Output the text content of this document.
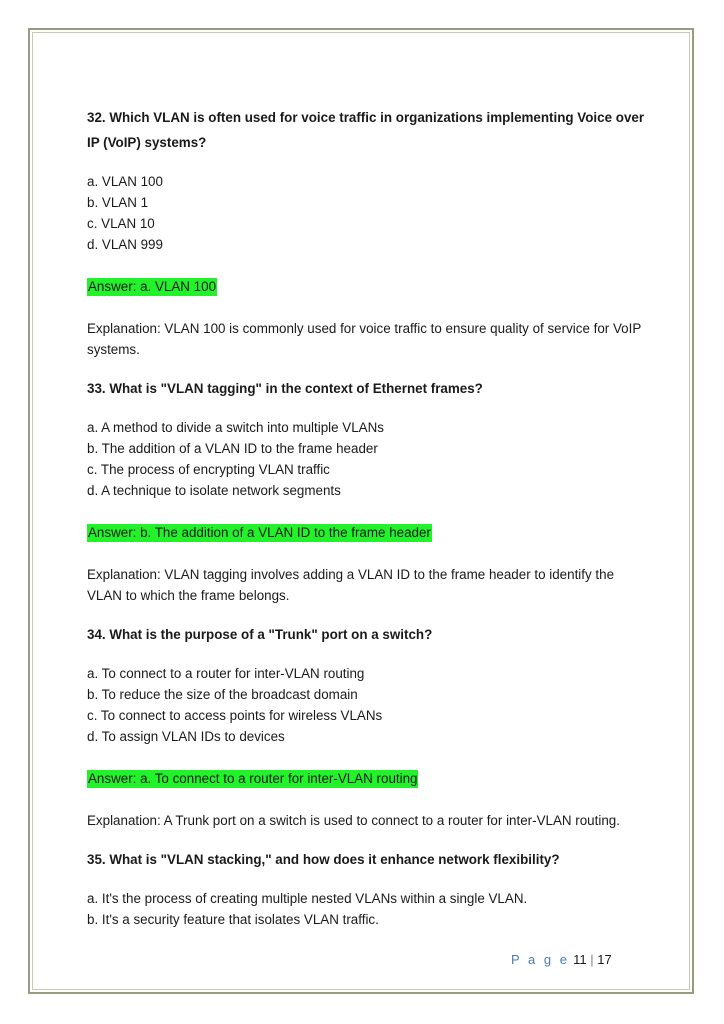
32. Which VLAN is often used for voice traffic in organizations implementing Voice over IP (VoIP) systems?

a. VLAN 100

b. VLAN 1

c. VLAN 10

d. VLAN 999

Answer: a. VLAN 100

Explanation: VLAN 100 is commonly used for voice traffic to ensure quality of service for VoIP systems.

33. What is "VLAN tagging" in the context of Ethernet frames?

a. A method to divide a switch into multiple VLANs

b. The addition of a VLAN ID to the frame header

c. The process of encrypting VLAN traffic

d. A technique to isolate network segments

Answer: b. The addition of a VLAN ID to the frame header

Explanation: VLAN tagging involves adding a VLAN ID to the frame header to identify the VLAN to which the frame belongs.

34. What is the purpose of a "Trunk" port on a switch?

a. To connect to a router for inter-VLAN routing

b. To reduce the size of the broadcast domain

c. To connect to access points for wireless VLANs

d. To assign VLAN IDs to devices

Answer: a. To connect to a router for inter-VLAN routing

Explanation: A Trunk port on a switch is used to connect to a router for inter-VLAN routing.

35. What is "VLAN stacking," and how does it enhance network flexibility?

a. It's the process of creating multiple nested VLANs within a single VLAN.

b. It's a security feature that isolates VLAN traffic.

P a g e 11 | 17
